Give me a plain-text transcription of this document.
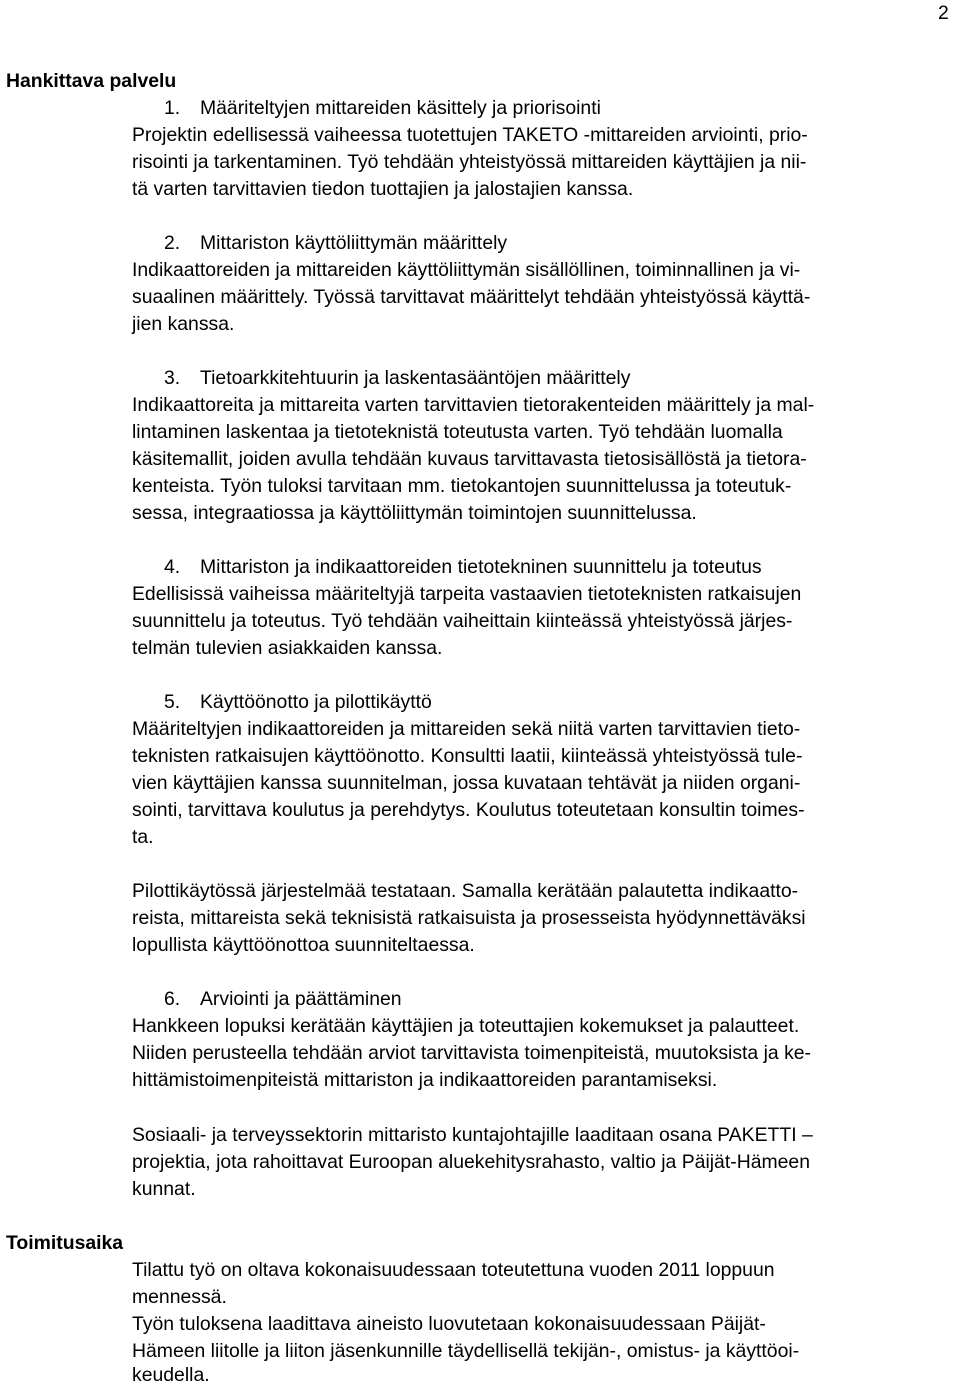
2
Hankittava palvelu
1. Määriteltyjen mittareiden käsittely ja priorisointi
Projektin edellisessä vaiheessa tuotettujen TAKETO -mittareiden arviointi, prio-
risointi ja tarkentaminen. Työ tehdään yhteistyössä mittareiden käyttäjien ja nii-
tä varten tarvittavien tiedon tuottajien ja jalostajien kanssa.
2. Mittariston käyttöliittymän määrittely
Indikaattoreiden ja mittareiden käyttöliittymän sisällöllinen, toiminnallinen ja vi-
suaalinen määrittely. Työssä tarvittavat määrittelyt tehdään yhteistyössä käyttä-
jien kanssa.
3. Tietoarkkitehtuurin ja laskentasääntöjen määrittely
Indikaattoreita ja mittareita varten tarvittavien tietorakenteiden määrittely ja mal-
lintaminen laskentaa ja tietoteknistä toteutusta varten. Työ tehdään luomalla
käsitemallit, joiden avulla tehdään kuvaus tarvittavasta tietosisällöstä ja tietora-
kenteista. Työn tuloksi tarvitaan mm. tietokantojen suunnittelussa ja toteutuk-
sessa, integraatiossa ja käyttöliittymän toimintojen suunnittelussa.
4. Mittariston ja indikaattoreiden tietotekninen suunnittelu ja toteutus
Edellisissä vaiheissa määriteltyjä tarpeita vastaavien tietoteknisten ratkaisujen
suunnittelu ja toteutus. Työ tehdään vaiheittain kiinteässä yhteistyössä järjes-
telmän tulevien asiakkaiden kanssa.
5. Käyttöönotto ja pilottikäyttö
Määriteltyjen indikaattoreiden ja mittareiden sekä niitä varten tarvittavien tieto-
teknisten ratkaisujen käyttöönotto. Konsultti laatii, kiinteässä yhteistyössä tule-
vien käyttäjien kanssa suunnitelman, jossa kuvataan tehtävät ja niiden organi-
sointi, tarvittava koulutus ja perehdytys. Koulutus toteutetaan konsultin toimes-
ta.
Pilottikäytössä järjestelmää testataan. Samalla kerätään palautetta indikaatto-
reista, mittareista sekä teknisistä ratkaisuista ja prosesseista hyödynnettäväksi
lopullista käyttöönottoa suunniteltaessa.
6. Arviointi ja päättäminen
Hankkeen lopuksi kerätään käyttäjien ja toteuttajien kokemukset ja palautteet.
Niiden perusteella tehdään arviot tarvittavista toimenpiteistä, muutoksista ja ke-
hittämistoimenpiteistä mittariston ja indikaattoreiden parantamiseksi.
Sosiaali- ja terveyssektorin mittaristo kuntajohtajille laaditaan osana PAKETTI –
projektia, jota rahoittavat Euroopan aluekehitysrahasto, valtio ja Päijät-Hämeen
kunnat.
Toimitusaika
Tilattu työ on oltava kokonaisuudessaan toteutettuna vuoden 2011 loppuun
mennessä.
Työn tuloksena laadittava aineisto luovutetaan kokonaisuudessaan Päijät-
Hämeen liitolle ja liiton jäsenkunnille täydellisellä tekijän-, omistus- ja käyttöoi-
keudella.
